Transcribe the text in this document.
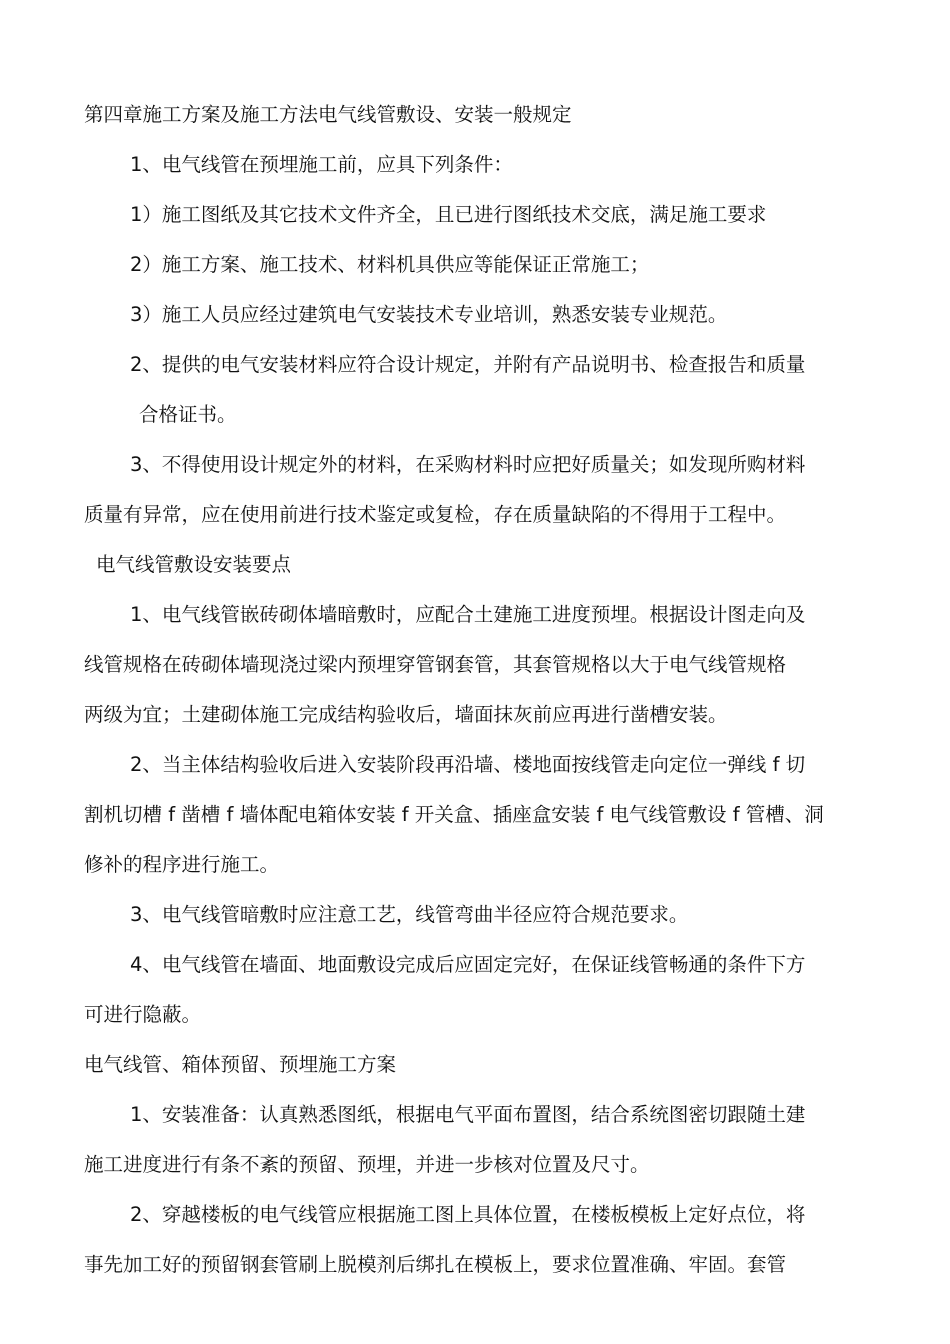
第四章施工方案及施工方法电气线管敷设、安装一般规定
1、电气线管在预埋施工前，应具下列条件：
1）施工图纸及其它技术文件齐全，且已进行图纸技术交底，满足施工要求
2）施工方案、施工技术、材料机具供应等能保证正常施工；
3）施工人员应经过建筑电气安装技术专业培训，熟悉安装专业规范。
2、提供的电气安装材料应符合设计规定，并附有产品说明书、检查报告和质量
合格证书。
3、不得使用设计规定外的材料，在采购材料时应把好质量关；如发现所购材料
质量有异常，应在使用前进行技术鉴定或复检，存在质量缺陷的不得用于工程中。
电气线管敷设安装要点
1、电气线管嵌砖砌体墙暗敷时，应配合土建施工进度预埋。根据设计图走向及
线管规格在砖砌体墙现浇过梁内预埋穿管钢套管，其套管规格以大于电气线管规格
两级为宜；土建砌体施工完成结构验收后，墙面抹灰前应再进行凿槽安装。
2、当主体结构验收后进入安装阶段再沿墙、楼地面按线管走向定位一弹线 f 切
割机切槽 f 凿槽 f 墙体配电箱体安装 f 开关盒、插座盒安装 f 电气线管敷设 f 管槽、洞
修补的程序进行施工。
3、电气线管暗敷时应注意工艺，线管弯曲半径应符合规范要求。
4、电气线管在墙面、地面敷设完成后应固定完好，在保证线管畅通的条件下方
可进行隐蔽。
电气线管、箱体预留、预埋施工方案
1、安装准备：认真熟悉图纸，根据电气平面布置图，结合系统图密切跟随土建
施工进度进行有条不紊的预留、预埋，并进一步核对位置及尺寸。
2、穿越楼板的电气线管应根据施工图上具体位置，在楼板模板上定好点位，将
事先加工好的预留钢套管刷上脱模剂后绑扎在模板上，要求位置准确、牢固。套管
